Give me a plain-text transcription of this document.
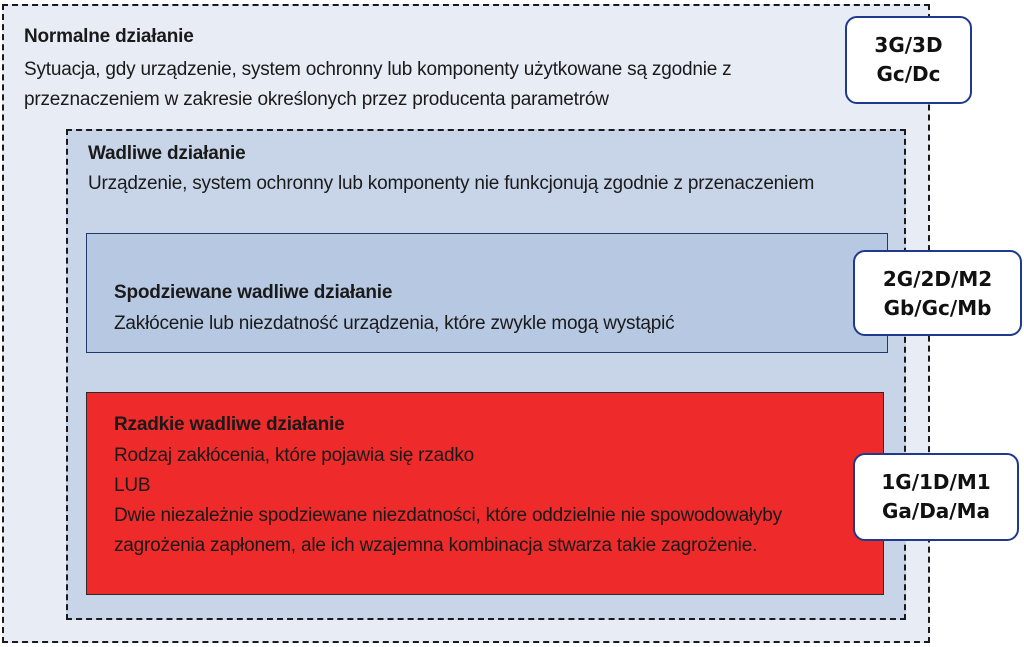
Normalne działanie
Sytuacja, gdy urządzenie, system ochronny lub komponenty użytkowane są zgodnie z
przeznaczeniem w zakresie określonych przez producenta parametrów
Wadliwe działanie
Urządzenie, system ochronny lub komponenty nie funkcjonują zgodnie z przenaczeniem
Spodziewane wadliwe działanie
Zakłócenie lub niezdatność urządzenia, które zwykle mogą wystąpić
Rzadkie wadliwe działanie
Rodzaj zakłócenia, które pojawia się rzadko
LUB
Dwie niezależnie spodziewane niezdatności, które oddzielnie nie spowodowałyby
zagrożenia zapłonem, ale ich wzajemna kombinacja stwarza takie zagrożenie.
3G/3D
Gc/Dc
2G/2D/M2
Gb/Gc/Mb
1G/1D/M1
Ga/Da/Ma
